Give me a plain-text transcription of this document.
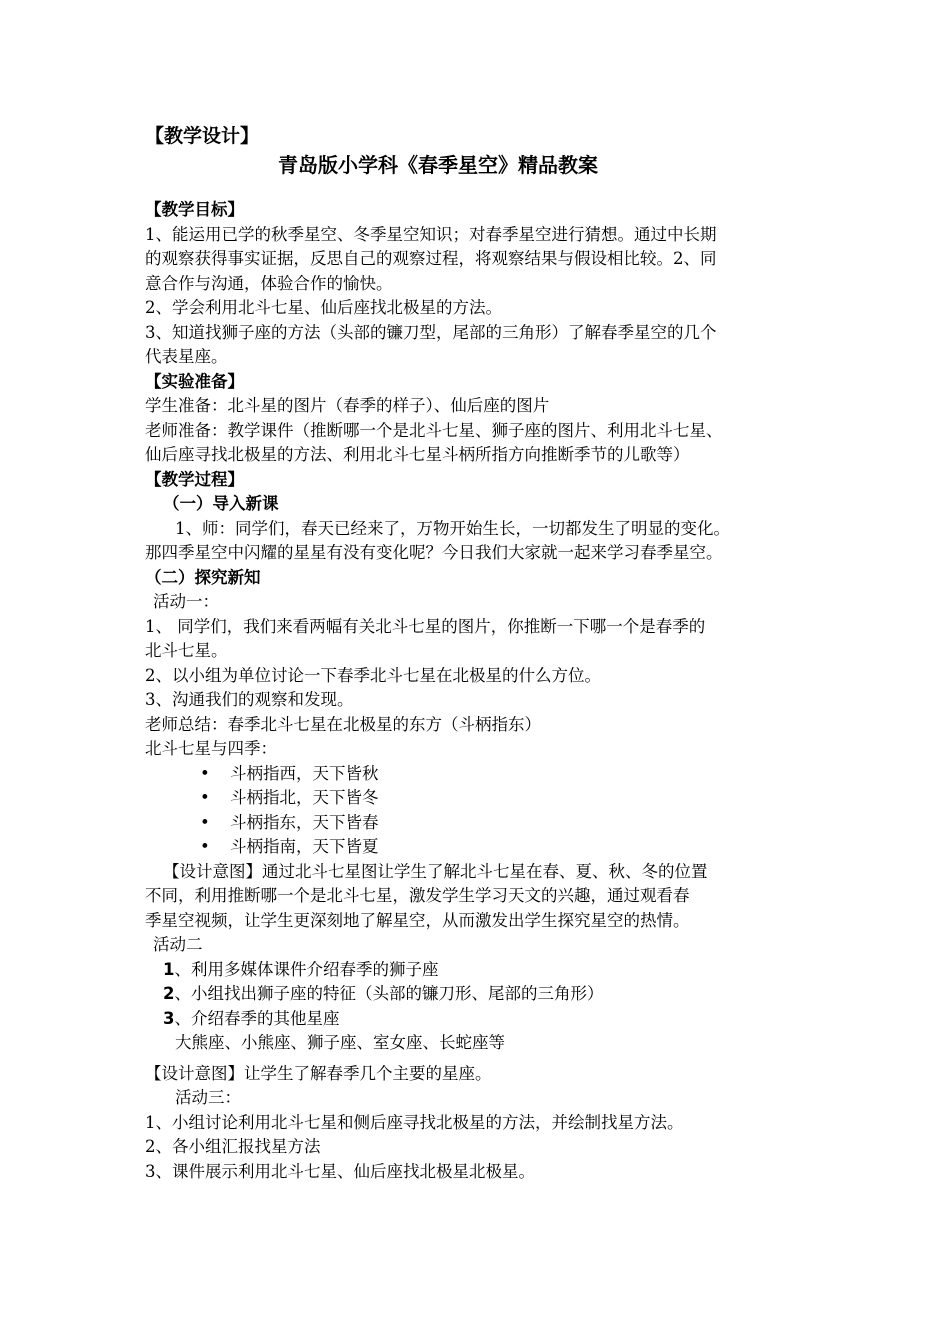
【教学设计】
青岛版小学科《春季星空》精品教案
【教学目标】
1、能运用已学的秋季星空、冬季星空知识；对春季星空进行猜想。通过中长期
的观察获得事实证据，反思自己的观察过程，将观察结果与假设相比较。2、同
意合作与沟通，体验合作的愉快。
2、学会利用北斗七星、仙后座找北极星的方法。
3、知道找狮子座的方法（头部的镰刀型，尾部的三角形）了解春季星空的几个
代表星座。
【实验准备】
学生准备：北斗星的图片（春季的样子）、仙后座的图片
老师准备：教学课件（推断哪一个是北斗七星、狮子座的图片、利用北斗七星、
仙后座寻找北极星的方法、利用北斗七星斗柄所指方向推断季节的儿歌等）
【教学过程】
（一）导入新课
1、师：同学们，春天已经来了，万物开始生长，一切都发生了明显的变化。
那四季星空中闪耀的星星有没有变化呢？今日我们大家就一起来学习春季星空。
（二）探究新知
活动一：
1、 同学们，我们来看两幅有关北斗七星的图片，你推断一下哪一个是春季的
北斗七星。
2、以小组为单位讨论一下春季北斗七星在北极星的什么方位。
3、沟通我们的观察和发现。
老师总结：春季北斗七星在北极星的东方（斗柄指东）
北斗七星与四季：
• 斗柄指西，天下皆秋
• 斗柄指北，天下皆冬
• 斗柄指东，天下皆春
• 斗柄指南，天下皆夏
【设计意图】通过北斗七星图让学生了解北斗七星在春、夏、秋、冬的位置
不同，利用推断哪一个是北斗七星，激发学生学习天文的兴趣，通过观看春
季星空视频，让学生更深刻地了解星空，从而激发出学生探究星空的热情。
活动二
1、利用多媒体课件介绍春季的狮子座
2、小组找出狮子座的特征（头部的镰刀形、尾部的三角形）
3、介绍春季的其他星座
大熊座、小熊座、狮子座、室女座、长蛇座等
【设计意图】让学生了解春季几个主要的星座。
活动三：
1、小组讨论利用北斗七星和侧后座寻找北极星的方法，并绘制找星方法。
2、各小组汇报找星方法
3、课件展示利用北斗七星、仙后座找北极星北极星。
